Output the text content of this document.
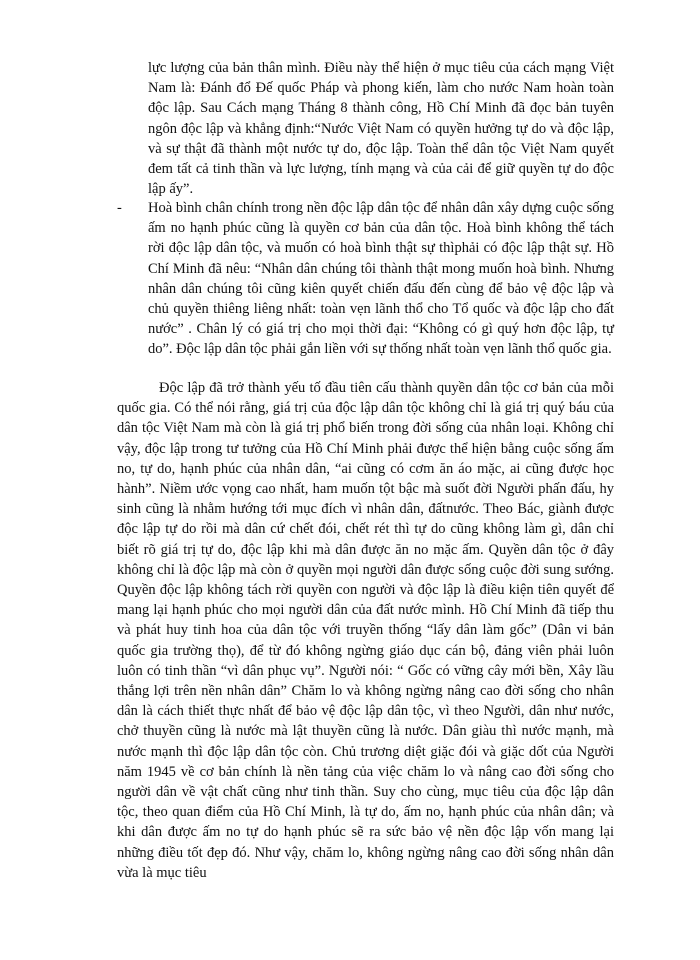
lực lượng của bản thân mình. Điều này thể hiện ở mục tiêu của cách mạng Việt Nam là: Đánh đổ Đế quốc Pháp và phong kiến, làm cho nước Nam hoàn toàn độc lập. Sau Cách mạng Tháng 8 thành công, Hồ Chí Minh đã đọc bản tuyên ngôn độc lập và khẳng định:“Nước Việt Nam có quyền hưởng tự do và độc lập, và sự thật đã thành một nước tự do, độc lập. Toàn thể dân tộc Việt Nam quyết đem tất cả tinh thần và lực lượng, tính mạng và của cải để giữ quyền tự do độc lập ấy”.

-	Hoà bình chân chính trong nền độc lập dân tộc để nhân dân xây dựng cuộc sống ấm no hạnh phúc cũng là quyền cơ bản của dân tộc. Hoà bình không thể tách rời độc lập dân tộc, và muốn có hoà bình thật sự thìphải có độc lập thật sự. Hồ Chí Minh đã nêu: “Nhân dân chúng tôi thành thật mong muốn hoà bình. Nhưng nhân dân chúng tôi cũng kiên quyết chiến đấu đến cùng để bảo vệ độc lập và chủ quyền thiêng liêng nhất: toàn vẹn lãnh thổ cho Tổ quốc và độc lập cho đất nước” . Chân lý có giá trị cho mọi thời đại: “Không có gì quý hơn độc lập, tự do”. Độc lập dân tộc phải gắn liền với sự thống nhất toàn vẹn lãnh thổ quốc gia.

Độc lập đã trở thành yếu tố đầu tiên cấu thành quyền dân tộc cơ bản của mỗi quốc gia. Có thể nói rằng, giá trị của độc lập dân tộc không chỉ là giá trị quý báu của dân tộc Việt Nam mà còn là giá trị phổ biến trong đời sống của nhân loại. Không chỉ vậy, độc lập trong tư tưởng của Hồ Chí Minh phải được thể hiện bằng cuộc sống ấm no, tự do, hạnh phúc của nhân dân, “ai cũng có cơm ăn áo mặc, ai cũng được học hành”. Niềm ước vọng cao nhất, ham muốn tột bậc mà suốt đời Người phấn đấu, hy sinh cũng là nhằm hướng tới mục đích vì nhân dân, đấtnước. Theo Bác, giành được độc lập tự do rồi mà dân cứ chết đói, chết rét thì tự do cũng không làm gì, dân chỉ biết rõ giá trị tự do, độc lập khi mà dân được ăn no mặc ấm. Quyền dân tộc ở đây không chỉ là độc lập mà còn ở quyền mọi người dân được sống cuộc đời sung sướng. Quyền độc lập không tách rời quyền con người và độc lập là điều kiện tiên quyết để mang lại hạnh phúc cho mọi người dân của đất nước mình. Hồ Chí Minh đã tiếp thu và phát huy tinh hoa của dân tộc với truyền thống “lấy dân làm gốc” (Dân vi bản quốc gia trường thọ), để từ đó không ngừng giáo dục cán bộ, đảng viên phải luôn luôn có tinh thần “vì dân phục vụ”. Người nói: “ Gốc có vững cây mới bền, Xây lầu thắng lợi trên nền nhân dân” Chăm lo và không ngừng nâng cao đời sống cho nhân dân là cách thiết thực nhất để bảo vệ độc lập dân tộc, vì theo Người, dân như nước, chở thuyền cũng là nước mà lật thuyền cũng là nước. Dân giàu thì nước mạnh, mà nước mạnh thì độc lập dân tộc còn. Chủ trương diệt giặc đói và giặc dốt của Người năm 1945 về cơ bản chính là nền tảng của việc chăm lo và nâng cao đời sống cho người dân về vật chất cũng như tinh thần. Suy cho cùng, mục tiêu của độc lập dân tộc, theo quan điểm của Hồ Chí Minh, là tự do, ấm no, hạnh phúc của nhân dân; và khi dân được ấm no tự do hạnh phúc sẽ ra sức bảo vệ nền độc lập vốn mang lại những điều tốt đẹp đó. Như vậy, chăm lo, không ngừng nâng cao đời sống nhân dân vừa là mục tiêu
